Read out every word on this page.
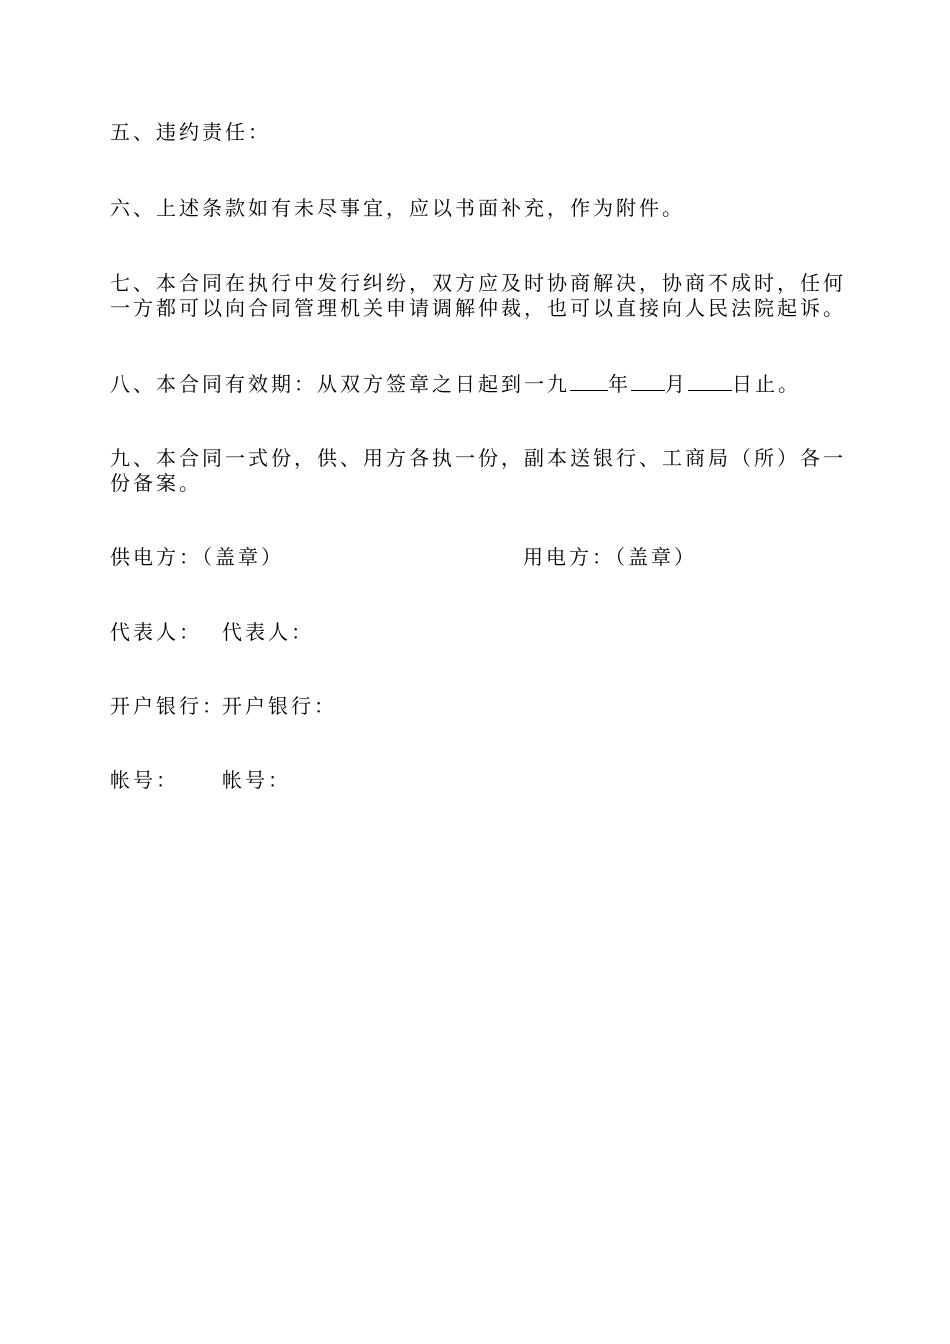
五、违约责任：
六、上述条款如有未尽事宜，应以书面补充，作为附件。
七、本合同在执行中发行纠纷，双方应及时协商解决，协商不成时，任何
一方都可以向合同管理机关申请调解仲裁，也可以直接向人民法院起诉。
八、本合同有效期：从双方签章之日起到一九 年 月 日止。
九、本合同一式份，供、用方各执一份，副本送银行、工商局（所）各一
份备案。
供电方：（盖章）	用电方：（盖章）
代表人： 代表人：
开户银行：
开户银行：
帐号： 帐号：
